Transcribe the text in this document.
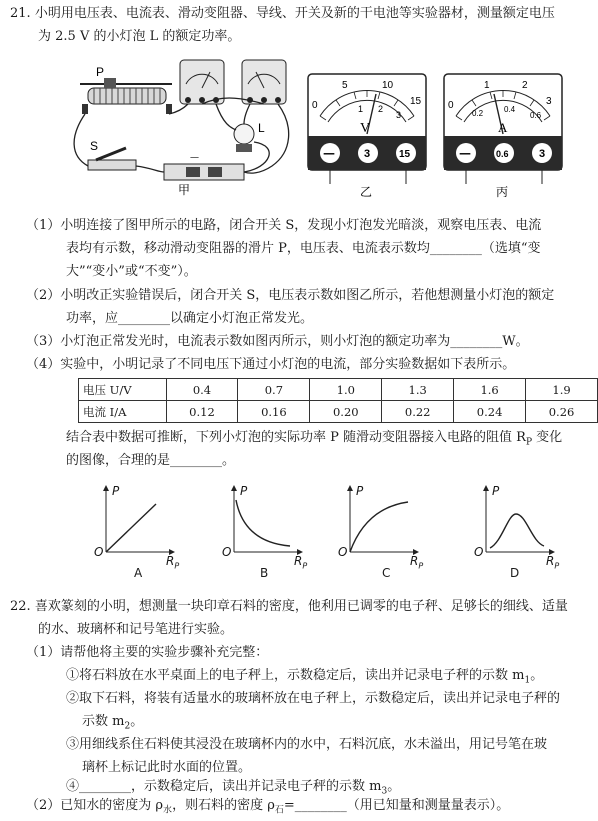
21. 小明用电压表、电流表、滑动变阻器、导线、开关及新的干电池等实验器材，测量额定电压
为 2.5 V 的小灯泡 L 的额定功率。
P
L
S
—
甲
0
5	10
15
1 2
3
V
—	3	15
乙
0
1	2
3
0.2	0.4
0.6
A
—	0.6	3
丙
（1）小明连接了图甲所示的电路，闭合开关 S，发现小灯泡发光暗淡，观察电压表、电流
表均有示数，移动滑动变阻器的滑片 P，电压表、电流表示数均________（选填“变
大”“变小”或“不变”）。
（2）小明改正实验错误后，闭合开关 S，电压表示数如图乙所示，若他想测量小灯泡的额定
功率，应________以确定小灯泡正常发光。
（3）小灯泡正常发光时，电流表示数如图丙所示，则小灯泡的额定功率为________W。
（4）实验中，小明记录了不同电压下通过小灯泡的电流，部分实验数据如下表所示。
电压 U/V	0.4	0.7	1.0	1.3	1.6	1.9
电流 I/A	0.12	0.16	0.20	0.22	0.24	0.26
结合表中数据可推断，下列小灯泡的实际功率 P 随滑动变阻器接入电路的阻值 $R_P$ 变化
的图像，合理的是________。
P
O
$R_P$
A
P
O
$R_P$
B
P
O
$R_P$
C
P
O
$R_P$
D
22. 喜欢篆刻的小明，想测量一块印章石料的密度，他利用已调零的电子秤、足够长的细线、适量
的水、玻璃杯和记号笔进行实验。
（1）请帮他将主要的实验步骤补充完整：
①将石料放在水平桌面上的电子秤上，示数稳定后，读出并记录电子秤的示数 $m_1$。
②取下石料，将装有适量水的玻璃杯放在电子秤上，示数稳定后，读出并记录电子秤的
示数 $m_2$。
③用细线系住石料使其浸没在玻璃杯内的水中，石料沉底，水未溢出，用记号笔在玻
璃杯上标记此时水面的位置。
④________，示数稳定后，读出并记录电子秤的示数 $m_3$。
（2）已知水的密度为 $\rho_水$，则石料的密度 $\rho_石=\_\_\_\_\_\_\_\_$（用已知量和测量量表示）。
